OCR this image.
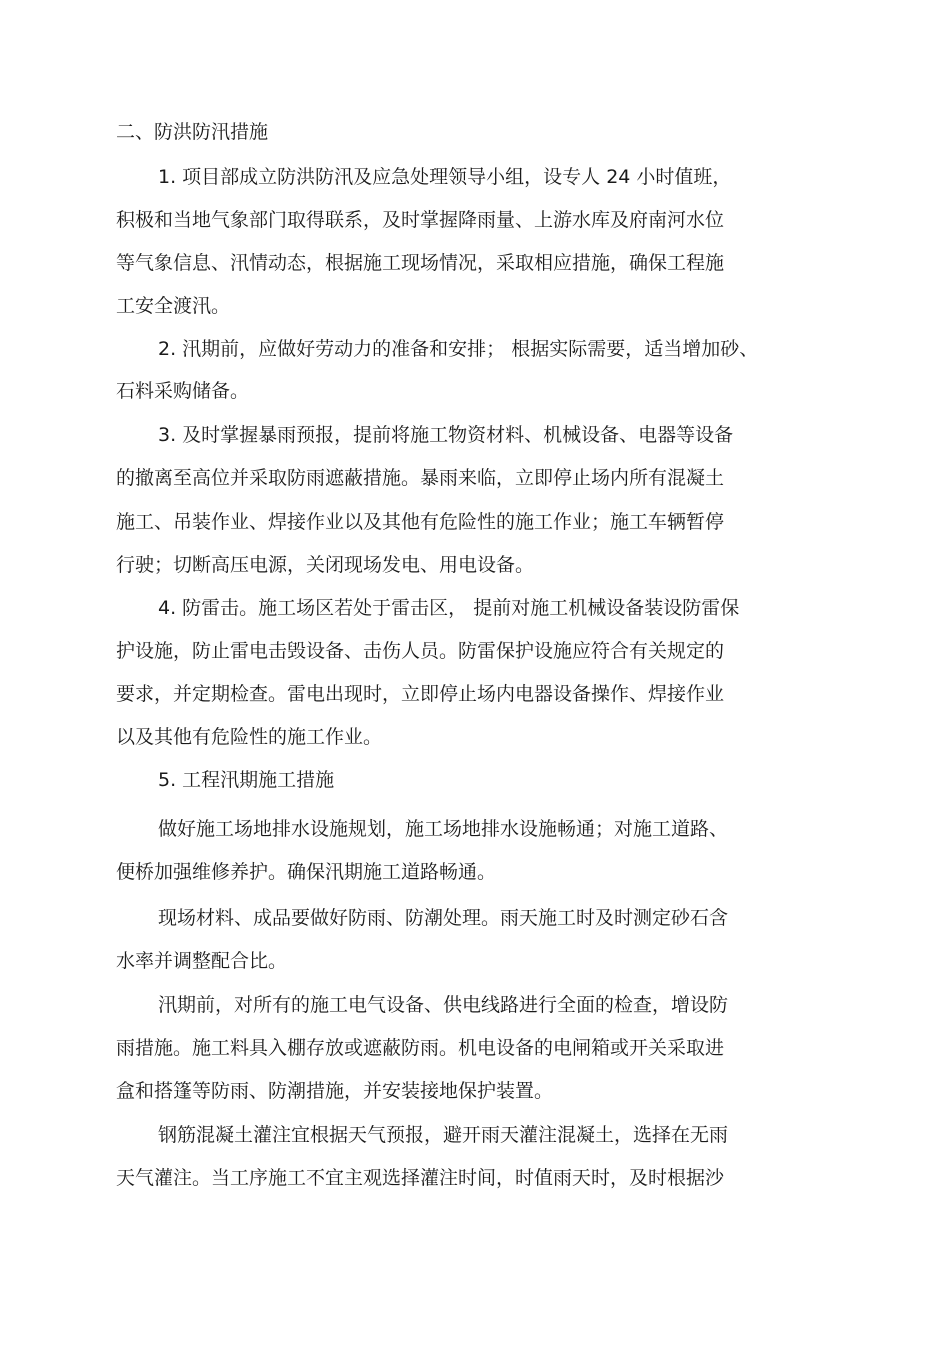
二、防洪防汛措施
1. 项目部成立防洪防汛及应急处理领导小组，设专人 24 小时值班，
积极和当地气象部门取得联系，及时掌握降雨量、上游水库及府南河水位
等气象信息、汛情动态，根据施工现场情况，采取相应措施，确保工程施
工安全渡汛。
2. 汛期前，应做好劳动力的准备和安排； 根据实际需要，适当增加砂、
石料采购储备。
3. 及时掌握暴雨预报，提前将施工物资材料、机械设备、电器等设备
的撤离至高位并采取防雨遮蔽措施。暴雨来临，立即停止场内所有混凝土
施工、吊装作业、焊接作业以及其他有危险性的施工作业；施工车辆暂停
行驶；切断高压电源，关闭现场发电、用电设备。
4. 防雷击。施工场区若处于雷击区， 提前对施工机械设备装设防雷保
护设施，防止雷电击毁设备、击伤人员。防雷保护设施应符合有关规定的
要求，并定期检查。雷电出现时，立即停止场内电器设备操作、焊接作业
以及其他有危险性的施工作业。
5. 工程汛期施工措施
做好施工场地排水设施规划，施工场地排水设施畅通；对施工道路、
便桥加强维修养护。确保汛期施工道路畅通。
现场材料、成品要做好防雨、防潮处理。雨天施工时及时测定砂石含
水率并调整配合比。
汛期前，对所有的施工电气设备、供电线路进行全面的检查，增设防
雨措施。施工料具入棚存放或遮蔽防雨。机电设备的电闸箱或开关采取进
盒和搭篷等防雨、防潮措施，并安装接地保护装置。
钢筋混凝土灌注宜根据天气预报，避开雨天灌注混凝土，选择在无雨
天气灌注。当工序施工不宜主观选择灌注时间，时值雨天时，及时根据沙
